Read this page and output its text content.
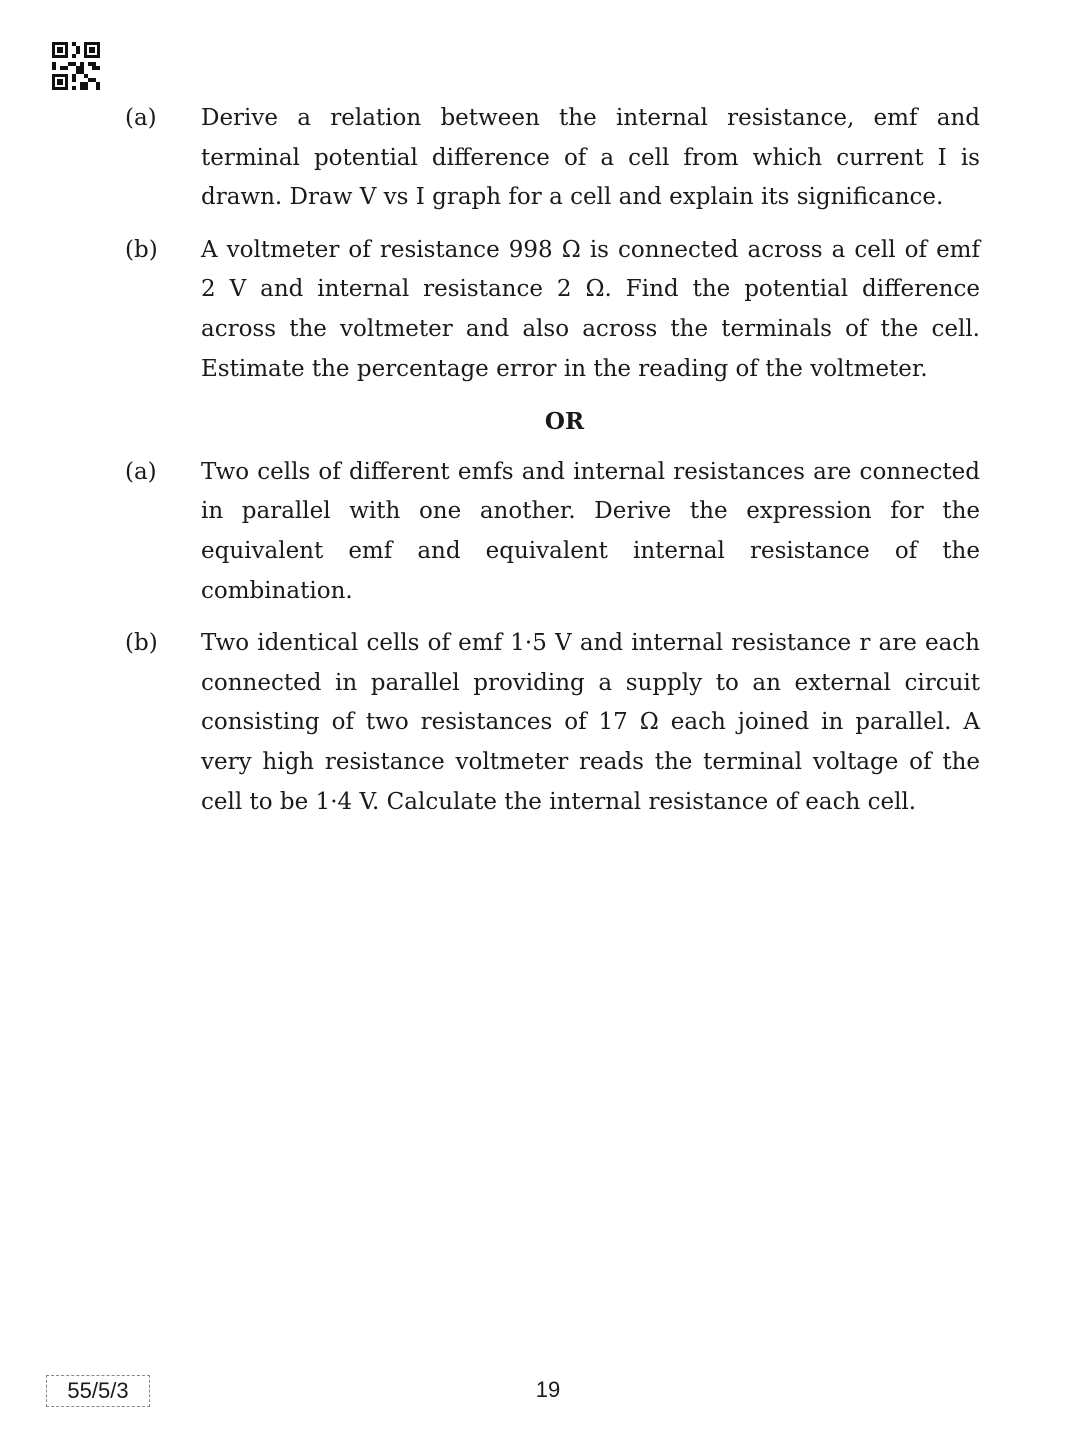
(a)	Derive a relation between the internal resistance, emf and terminal potential difference of a cell from which current I is drawn. Draw V vs I graph for a cell and explain its significance.
(b)	A voltmeter of resistance 998 Ω is connected across a cell of emf 2 V and internal resistance 2 Ω. Find the potential difference across the voltmeter and also across the terminals of the cell. Estimate the percentage error in the reading of the voltmeter.
OR
(a)	Two cells of different emfs and internal resistances are connected in parallel with one another. Derive the expression for the equivalent emf and equivalent internal resistance of the combination.
(b)	Two identical cells of emf 1·5 V and internal resistance r are each connected in parallel providing a supply to an external circuit consisting of two resistances of 17 Ω each joined in parallel. A very high resistance voltmeter reads the terminal voltage of the cell to be 1·4 V. Calculate the internal resistance of each cell.
55/5/3	19
